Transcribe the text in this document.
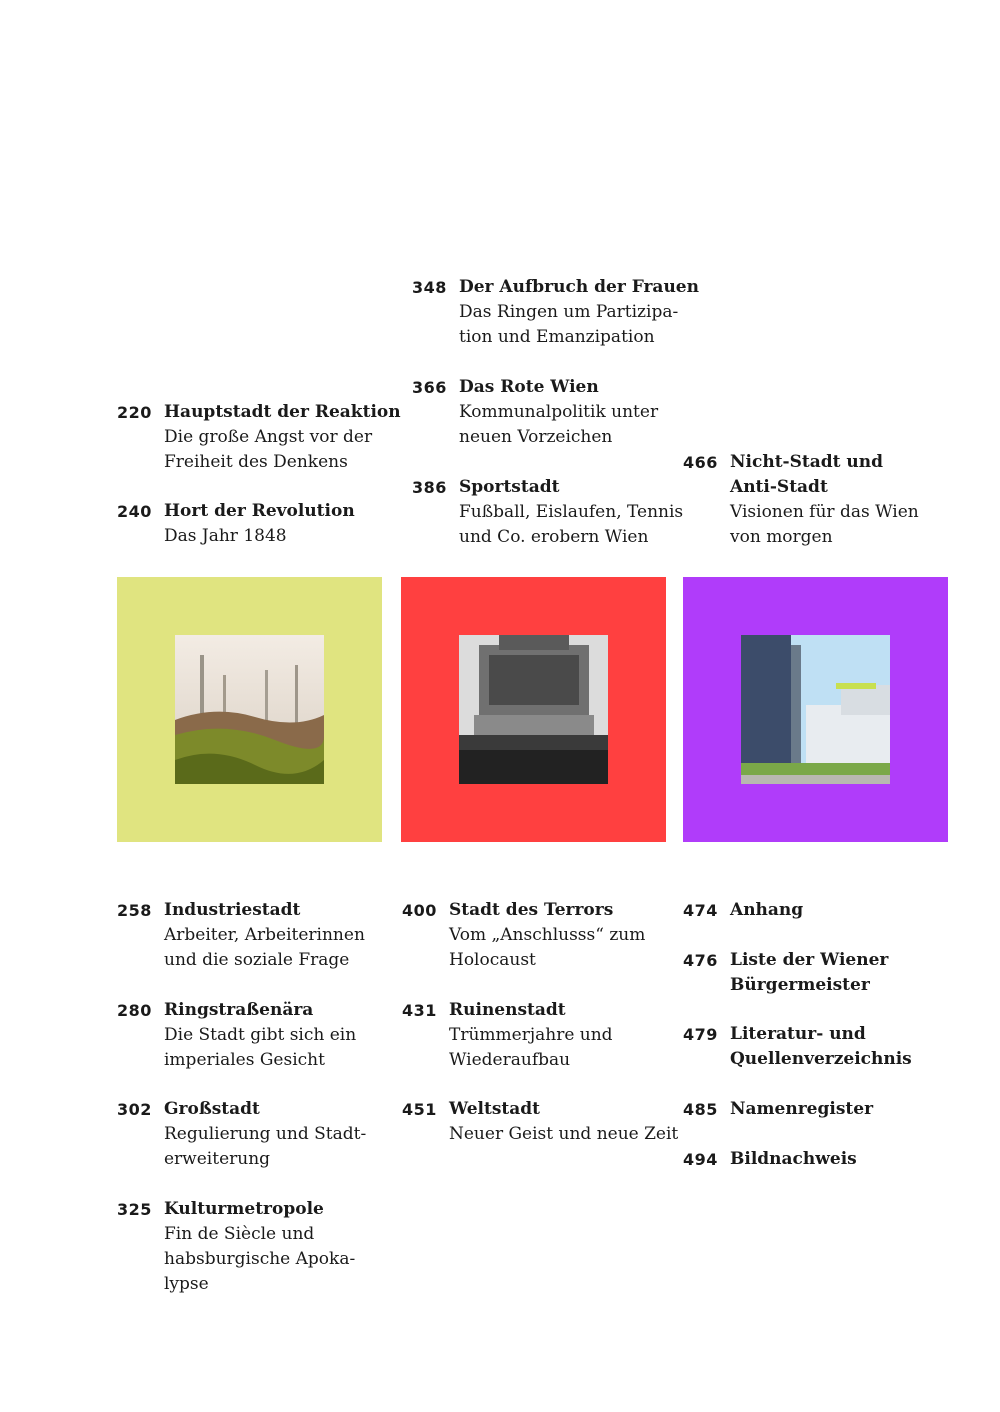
220 Hauptstadt der Reaktion
Die große Angst vor der
Freiheit des Denkens
240 Hort der Revolution
Das Jahr 1848
348 Der Aufbruch der Frauen
Das Ringen um Partizipa-
tion und Emanzipation
366 Das Rote Wien
Kommunalpolitik unter
neuen Vorzeichen
386 Sportstadt
Fußball, Eislaufen, Tennis
und Co. erobern Wien
466 Nicht-Stadt und
Anti-Stadt
Visionen für das Wien
von morgen
258 Industriestadt
Arbeiter, Arbeiterinnen
und die soziale Frage
280 Ringstraßenära
Die Stadt gibt sich ein
imperiales Gesicht
302 Großstadt
Regulierung und Stadt-
erweiterung
325 Kulturmetropole
Fin de Siècle und
habsburgische Apoka-
lypse
400 Stadt des Terrors
Vom „Anschlusss“ zum
Holocaust
431 Ruinenstadt
Trümmerjahre und
Wiederaufbau
451 Weltstadt
Neuer Geist und neue Zeit
474 Anhang
476 Liste der Wiener
Bürgermeister
479 Literatur- und
Quellenverzeichnis
485 Namenregister
494 Bildnachweis
